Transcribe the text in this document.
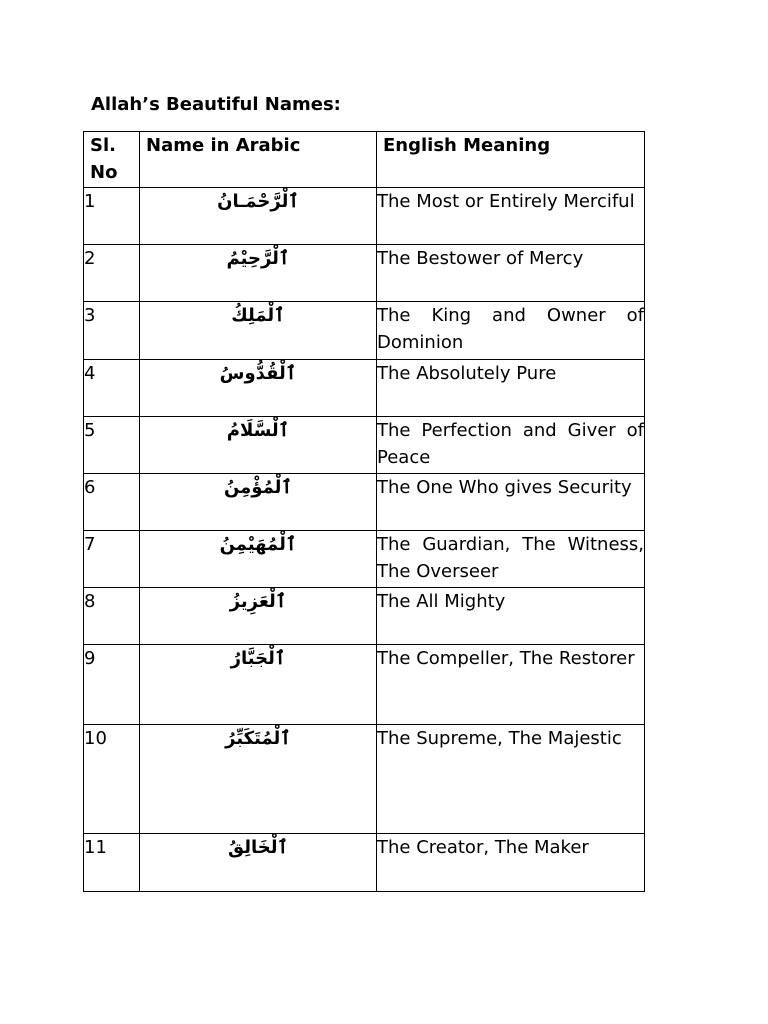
Allah’s Beautiful Names:
Sl. No	Name in Arabic	English Meaning
1	ٱلْرَّحْمَـانُ	The Most or Entirely Merciful
2	ٱلْرَّحِيْمُ	The Bestower of Mercy
3	ٱلْمَلِكُ	The King and Owner of Dominion
4	ٱلْقُدُّوسُ	The Absolutely Pure
5	ٱلْسَّلَامُ	The Perfection and Giver of Peace
6	ٱلْمُؤْمِنُ	The One Who gives Security
7	ٱلْمُهَيْمِنُ	The Guardian, The Witness, The Overseer
8	ٱلْعَزِيزُ	The All Mighty
9	ٱلْجَبَّارُ	The Compeller, The Restorer
10	ٱلْمُتَكَبِّرُ	The Supreme, The Majestic
11	ٱلْخَالِقُ	The Creator, The Maker
